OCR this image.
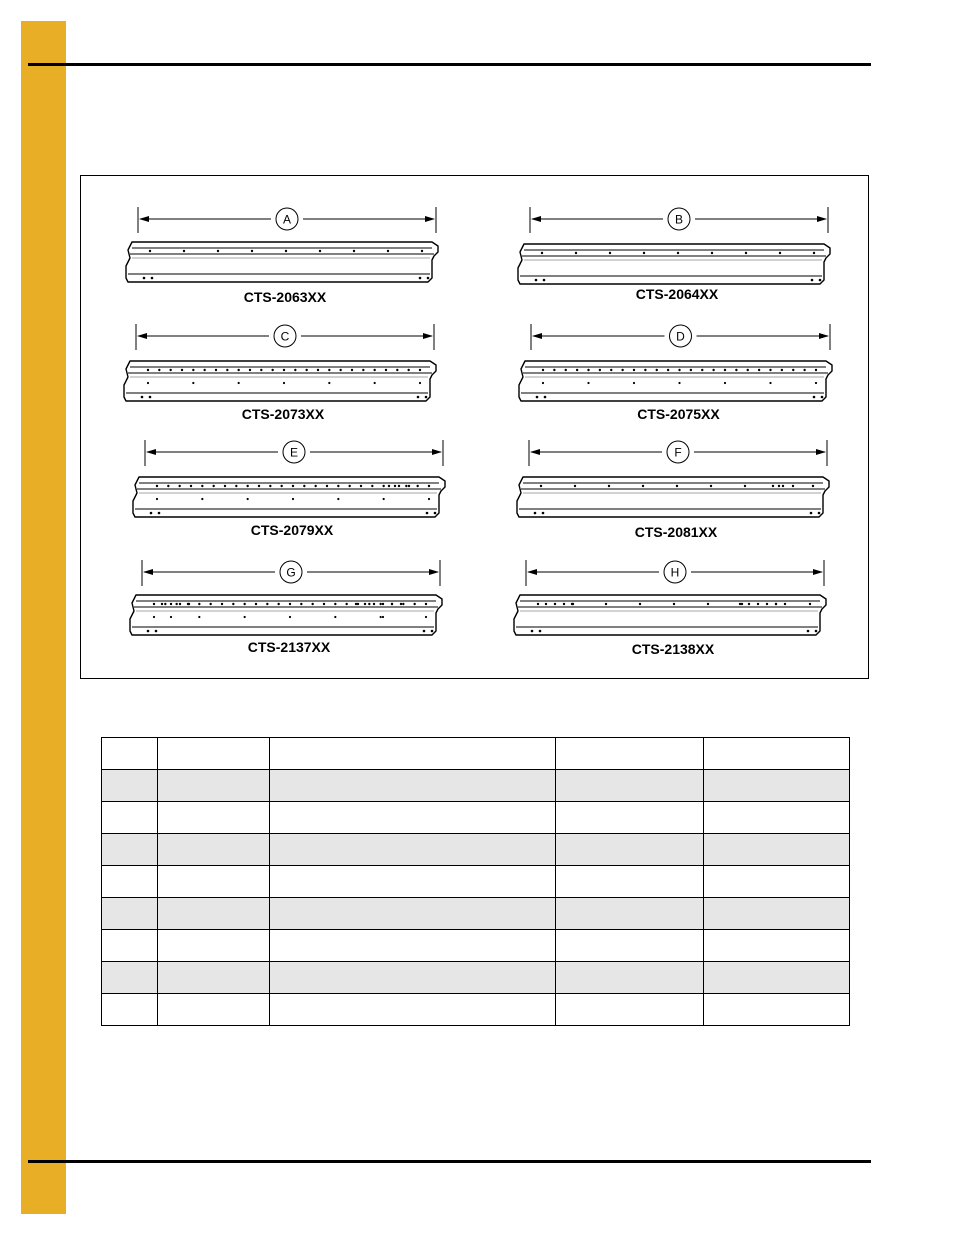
A
CTS-2063XX
B
CTS-2064XX
C
CTS-2073XX
D
CTS-2075XX
E
CTS-2079XX
F
CTS-2081XX
G
CTS-2137XX
H
CTS-2138XX
